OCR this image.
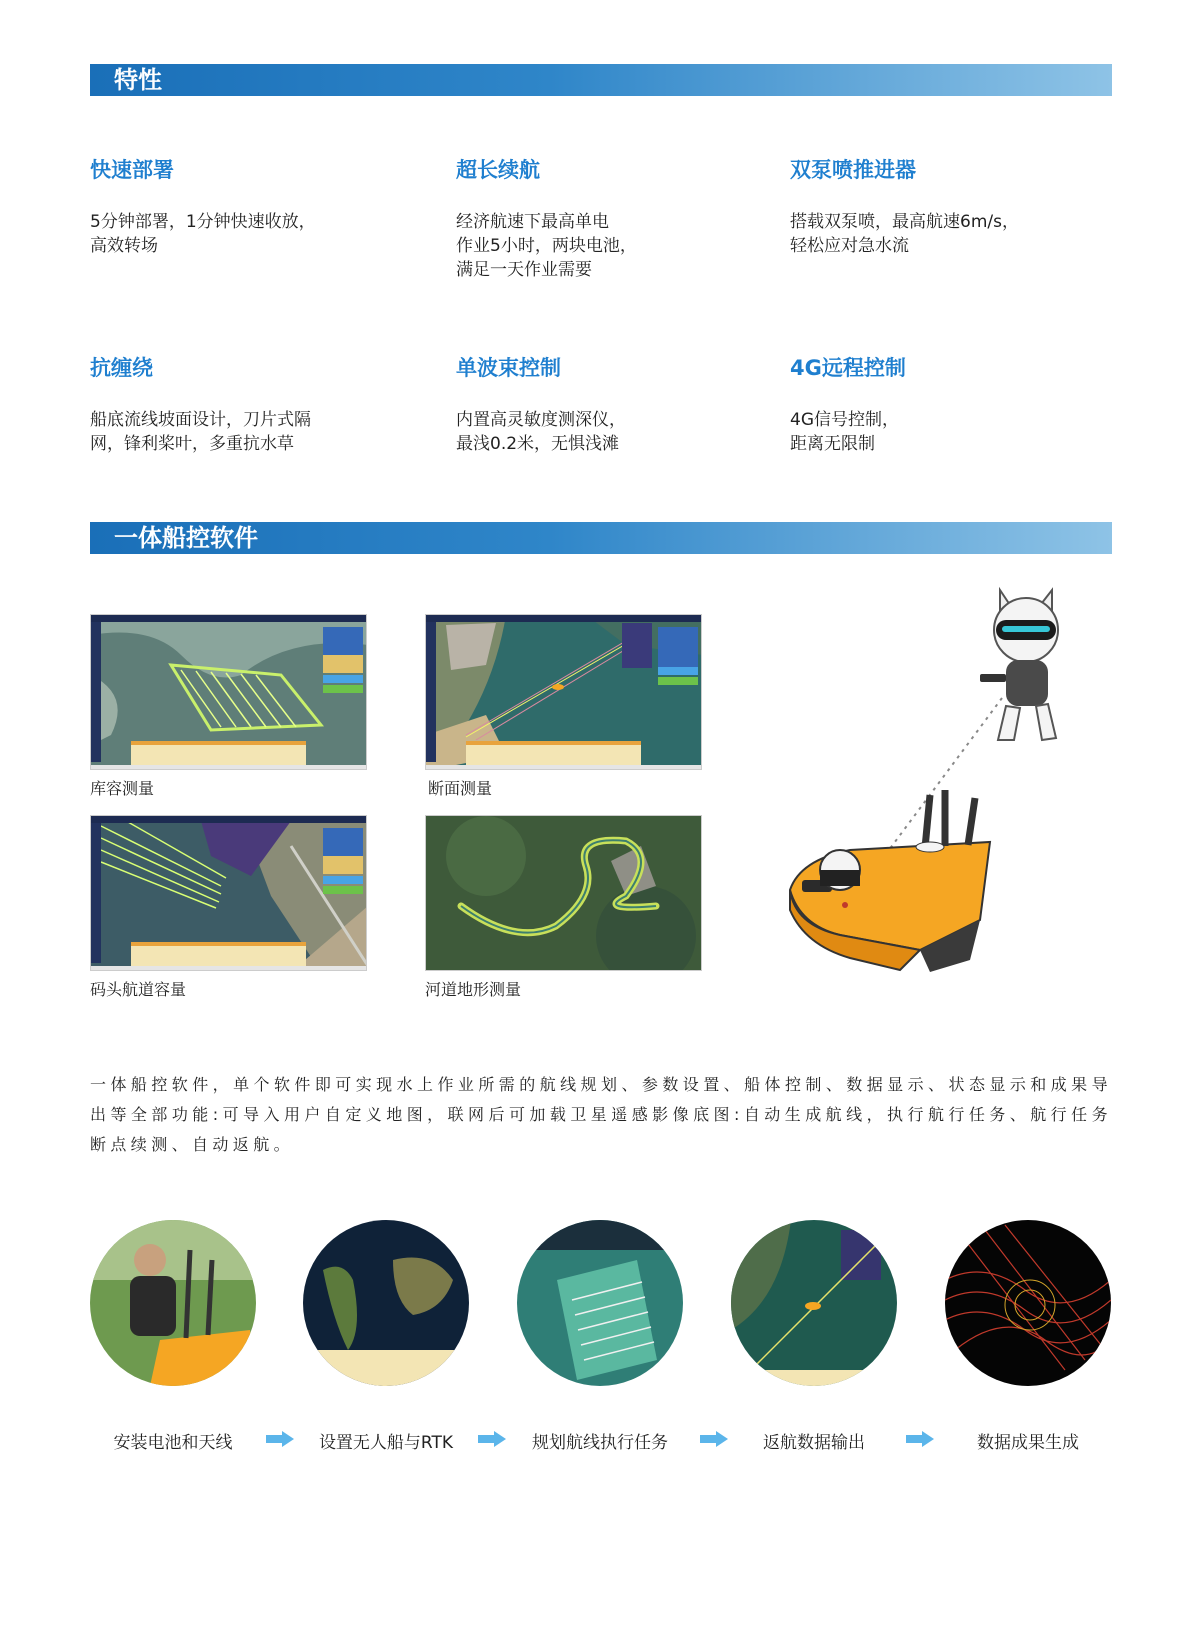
特性
快速部署

5分钟部署，1分钟快速收放，
高效转场

超长续航

经济航速下最高单电
作业5小时，两块电池，
满足一天作业需要

双泵喷推进器

搭载双泵喷，最高航速6m/s，
轻松应对急水流

抗缠绕

船底流线坡面设计，刀片式隔
网，锋利桨叶，多重抗水草

单波束控制

内置高灵敏度测深仪，
最浅0.2米，无惧浅滩

4G远程控制

4G信号控制，
距离无限制

一体船控软件
库容测量	断面测量
码头航道容量	河道地形测量
一体船控软件，单个软件即可实现水上作业所需的航线规划、参数设置、船体控制、数据显示、状态显示和成果导出等全部功能:可导入用户自定义地图，联网后可加载卫星遥感影像底图:自动生成航线，执行航行任务、航行任务断点续测、自动返航。
安装电池和天线	设置无人船与RTK	规划航线执行任务	返航数据输出	数据成果生成
